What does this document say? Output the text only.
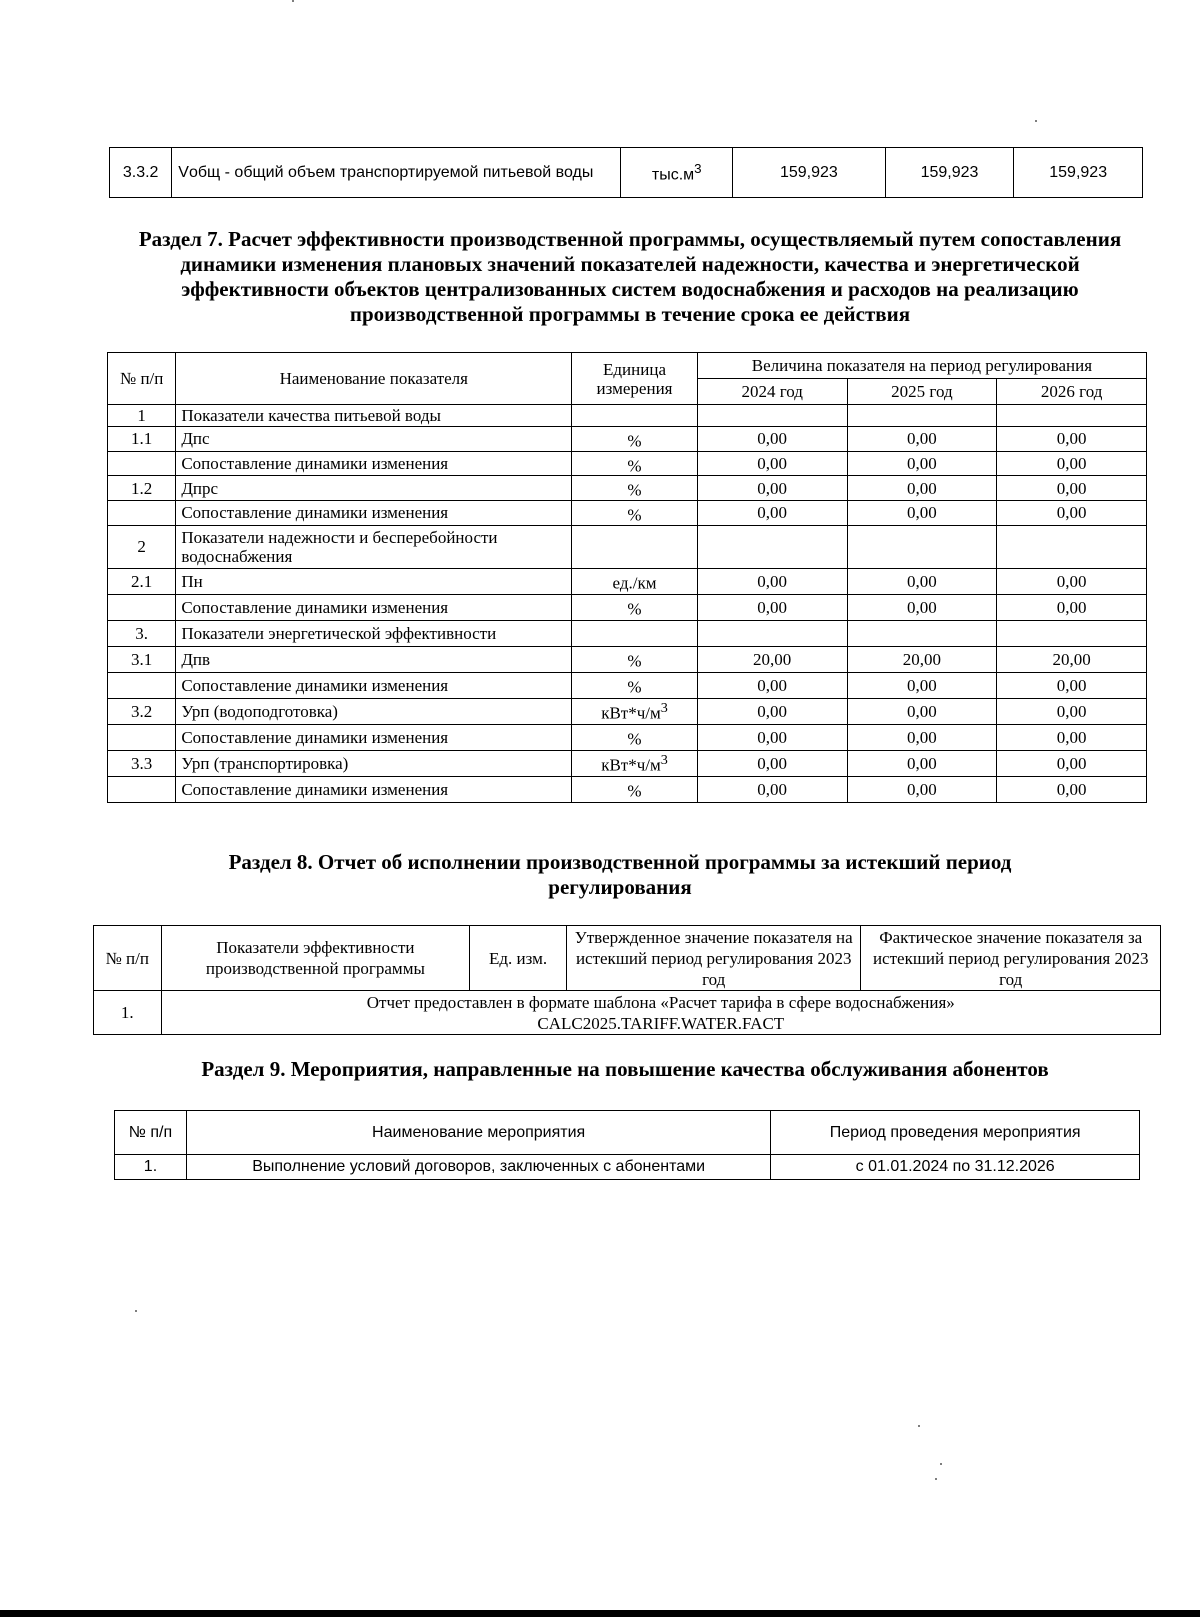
3.3.2	Vобщ - общий объем транспортируемой питьевой воды	$тыс.м^3$	159,923	159,923	159,923
Раздел 7. Расчет эффективности производственной программы, осуществляемый путем сопоставления динамики изменения плановых значений показателей надежности, качества и энергетической эффективности объектов централизованных систем водоснабжения и расходов на реализацию производственной программы в течение срока ее действия
№ п/п	Наименование показателя	Единица измерения	Величина показателя на период регулирования		
			2024 год	2025 год	2026 год
1	Показатели качества питьевой воды				
1.1	Дпс	%	0,00	0,00	0,00
	Сопоставление динамики изменения	%	0,00	0,00	0,00
1.2	Дпрс	%	0,00	0,00	0,00
	Сопоставление динамики изменения	%	0,00	0,00	0,00
2	Показатели надежности и бесперебойности водоснабжения				
2.1	Пн	ед./км	0,00	0,00	0,00
	Сопоставление динамики изменения	%	0,00	0,00	0,00
3.	Показатели энергетической эффективности				
3.1	Дпв	%	20,00	20,00	20,00
	Сопоставление динамики изменения	%	0,00	0,00	0,00
3.2	Урп (водоподготовка)	$кВт*ч/м^3$	0,00	0,00	0,00
	Сопоставление динамики изменения	%	0,00	0,00	0,00
3.3	Урп (транспортировка)	$кВт*ч/м^3$	0,00	0,00	0,00
	Сопоставление динамики изменения	%	0,00	0,00	0,00
Раздел 8. Отчет об исполнении производственной программы за истекший период регулирования
№ п/п	Показатели эффективности производственной программы	Ед. изм.	Утвержденное значение показателя на истекший период регулирования 2023 год	Фактическое значение показателя за истекший период регулирования 2023 год
1.	Отчет предоставлен в формате шаблона «Расчет тарифа в сфере водоснабжения»
CALC2025.TARIFF.WATER.FACT			
Раздел 9. Мероприятия, направленные на повышение качества обслуживания абонентов
№ п/п	Наименование мероприятия	Период проведения мероприятия
1.	Выполнение условий договоров, заключенных с абонентами	с 01.01.2024 по 31.12.2026
